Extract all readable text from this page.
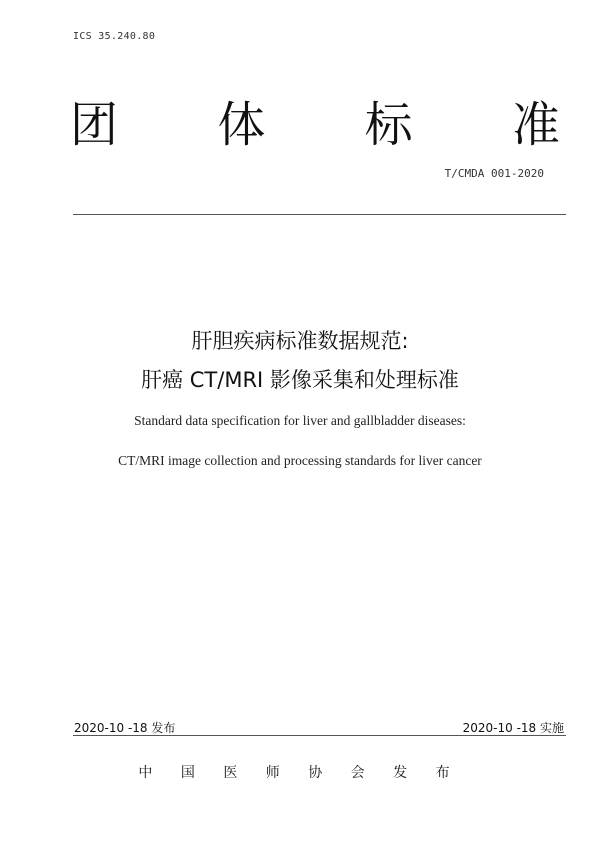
ICS 35.240.80
团 体 标 准
T/CMDA 001-2020
肝胆疾病标准数据规范:
肝癌 CT/MRI 影像采集和处理标准
Standard data specification for liver and gallbladder diseases:
CT/MRI image collection and processing standards for liver cancer
2020-10 -18 发布	2020-10 -18 实施
中 国 医 师 协 会 发 布
